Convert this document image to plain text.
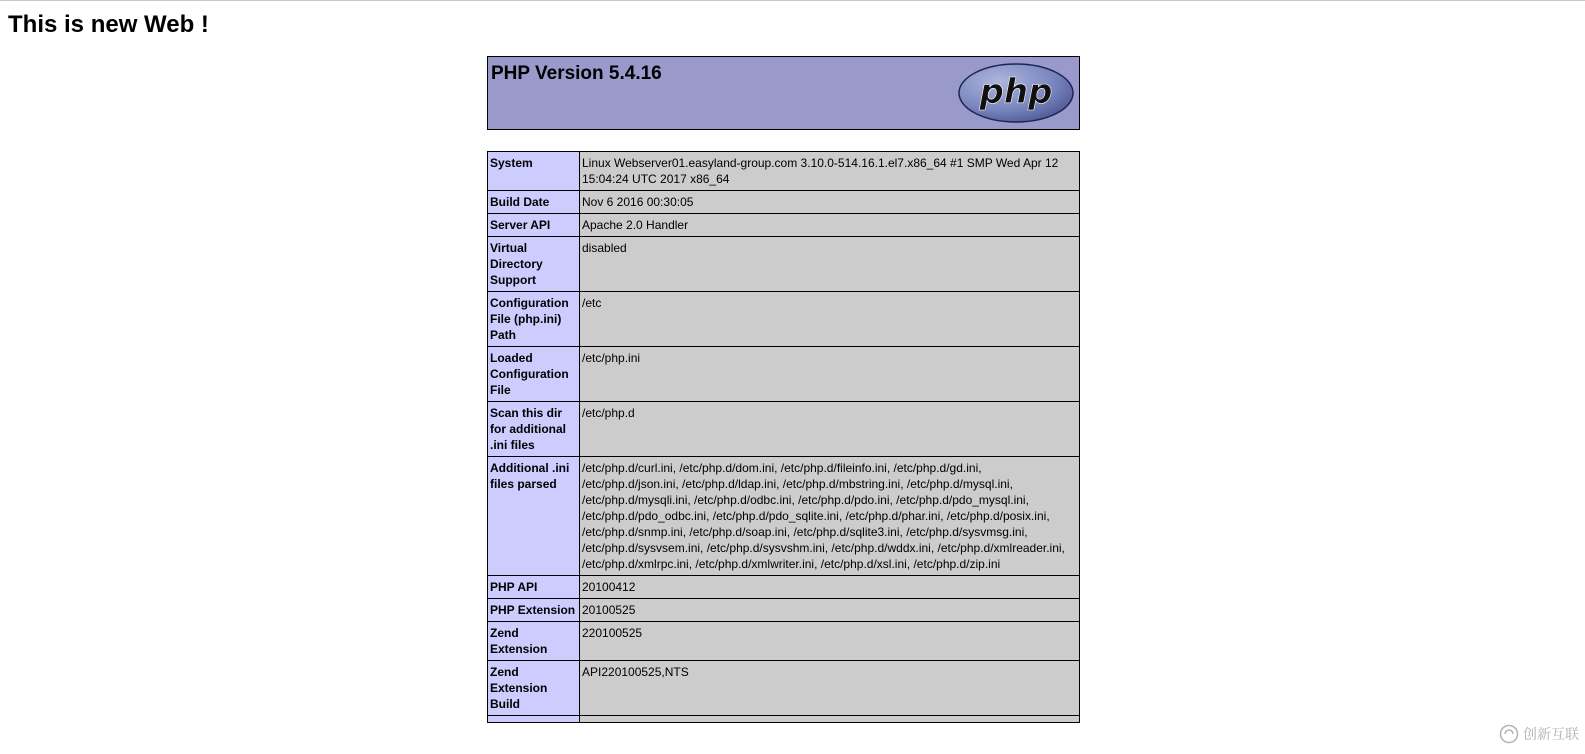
This is new Web !
PHP Version 5.4.16	php
System	Linux Webserver01.easyland-group.com 3.10.0-514.16.1.el7.x86_64 #1 SMP Wed Apr 12 15:04:24 UTC 2017 x86_64
Build Date	Nov 6 2016 00:30:05
Server API	Apache 2.0 Handler
Virtual Directory Support	disabled
Configuration File (php.ini) Path	/etc
Loaded Configuration File	/etc/php.ini
Scan this dir for additional .ini files	/etc/php.d
Additional .ini files parsed	/etc/php.d/curl.ini, /etc/php.d/dom.ini, /etc/php.d/fileinfo.ini, /etc/php.d/gd.ini, /etc/php.d/json.ini, /etc/php.d/ldap.ini, /etc/php.d/mbstring.ini, /etc/php.d/mysql.ini, /etc/php.d/mysqli.ini, /etc/php.d/odbc.ini, /etc/php.d/pdo.ini, /etc/php.d/pdo_mysql.ini, /etc/php.d/pdo_odbc.ini, /etc/php.d/pdo_sqlite.ini, /etc/php.d/phar.ini, /etc/php.d/posix.ini, /etc/php.d/snmp.ini, /etc/php.d/soap.ini, /etc/php.d/sqlite3.ini, /etc/php.d/sysvmsg.ini, /etc/php.d/sysvsem.ini, /etc/php.d/sysvshm.ini, /etc/php.d/wddx.ini, /etc/php.d/xmlreader.ini, /etc/php.d/xmlrpc.ini, /etc/php.d/xmlwriter.ini, /etc/php.d/xsl.ini, /etc/php.d/zip.ini
PHP API	20100412
PHP Extension	20100525
Zend Extension	220100525
Zend Extension Build	API220100525,NTS

创新互联
